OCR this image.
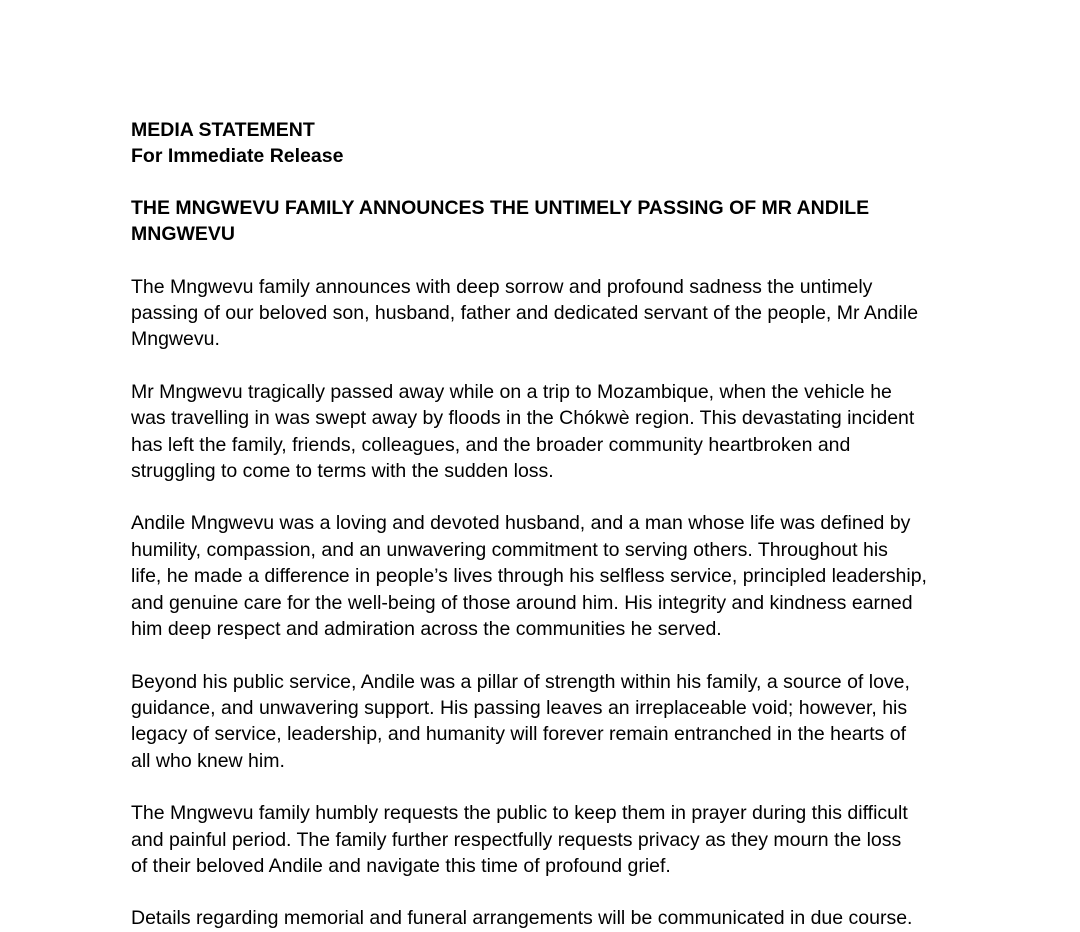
MEDIA STATEMENT

For Immediate Release

THE MNGWEVU FAMILY ANNOUNCES THE UNTIMELY PASSING OF MR ANDILE MNGWEVU

The Mngwevu family announces with deep sorrow and profound sadness the untimely
passing of our beloved son, husband, father and dedicated servant of the people, Mr Andile
Mngwevu.

Mr Mngwevu tragically passed away while on a trip to Mozambique, when the vehicle he
was travelling in was swept away by floods in the Chókwè region. This devastating incident
has left the family, friends, colleagues, and the broader community heartbroken and
struggling to come to terms with the sudden loss.

Andile Mngwevu was a loving and devoted husband, and a man whose life was defined by
humility, compassion, and an unwavering commitment to serving others. Throughout his
life, he made a difference in people’s lives through his selfless service, principled leadership,
and genuine care for the well-being of those around him. His integrity and kindness earned
him deep respect and admiration across the communities he served.

Beyond his public service, Andile was a pillar of strength within his family, a source of love,
guidance, and unwavering support. His passing leaves an irreplaceable void; however, his
legacy of service, leadership, and humanity will forever remain entranched in the hearts of
all who knew him.

The Mngwevu family humbly requests the public to keep them in prayer during this difficult
and painful period. The family further respectfully requests privacy as they mourn the loss
of their beloved Andile and navigate this time of profound grief.

Details regarding memorial and funeral arrangements will be communicated in due course.
